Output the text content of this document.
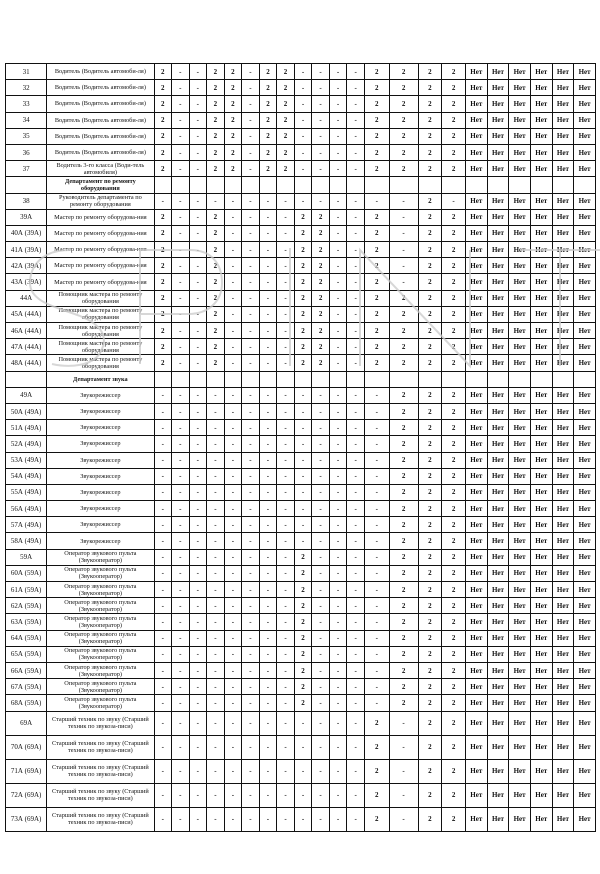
31	Водитель (Водитель автомоби-ля)	2	-	-	2	2	-	2	2	-	-	-	-	2	2	2	2	Нет	Нет	Нет	Нет	Нет	Нет
32	Водитель (Водитель автомоби-ля)	2	-	-	2	2	-	2	2	-	-	-	-	2	2	2	2	Нет	Нет	Нет	Нет	Нет	Нет
33	Водитель (Водитель автомоби-ля)	2	-	-	2	2	-	2	2	-	-	-	-	2	2	2	2	Нет	Нет	Нет	Нет	Нет	Нет
34	Водитель (Водитель автомоби-ля)	2	-	-	2	2	-	2	2	-	-	-	-	2	2	2	2	Нет	Нет	Нет	Нет	Нет	Нет
35	Водитель (Водитель автомоби-ля)	2	-	-	2	2	-	2	2	-	-	-	-	2	2	2	2	Нет	Нет	Нет	Нет	Нет	Нет
36	Водитель (Водитель автомоби-ля)	2	-	-	2	2	-	2	2	-	-	-	-	2	2	2	2	Нет	Нет	Нет	Нет	Нет	Нет
37	Водитель 3-го класса (Води-тель автомобиля)	2	-	-	2	2	-	2	2	-	-	-	-	2	2	2	2	Нет	Нет	Нет	Нет	Нет	Нет
	Департамент по ремонту оборудования																						
38	Руководитель департамента по ремонту оборудования	-	-	-	-	-	-	-	-	-	-	-	-	-	-	2	-	Нет	Нет	Нет	Нет	Нет	Нет
39А	Мастер по ремонту оборудова-ния	2	-	-	2	-	-	-	-	2	2	-	-	2	-	2	2	Нет	Нет	Нет	Нет	Нет	Нет
40А (39А)	Мастер по ремонту оборудова-ния	2	-	-	2	-	-	-	-	2	2	-	-	2	-	2	2	Нет	Нет	Нет	Нет	Нет	Нет
41А (39А)	Мастер по ремонту оборудова-ния	2	-	-	2	-	-	-	-	2	2	-	-	2	-	2	2	Нет	Нет	Нет	Нет	Нет	Нет
42А (39А)	Мастер по ремонту оборудова-ния	2	-	-	2	-	-	-	-	2	2	-	-	2	-	2	2	Нет	Нет	Нет	Нет	Нет	Нет
43А (39А)	Мастер по ремонту оборудова-ния	2	-	-	2	-	-	-	-	2	2	-	-	2	-	2	2	Нет	Нет	Нет	Нет	Нет	Нет
44А	Помощник мастера по ремонту оборудования	2	-	-	2	-	-	-	-	2	2	-	-	2	2	2	2	Нет	Нет	Нет	Нет	Нет	Нет
45А (44А)	Помощник мастера по ремонту оборудования	2	-	-	2	-	-	-	-	2	2	-	-	2	2	2	2	Нет	Нет	Нет	Нет	Нет	Нет
46А (44А)	Помощник мастера по ремонту оборудования	2	-	-	2	-	-	-	-	2	2	-	-	2	2	2	2	Нет	Нет	Нет	Нет	Нет	Нет
47А (44А)	Помощник мастера по ремонту оборудования	2	-	-	2	-	-	-	-	2	2	-	-	2	2	2	2	Нет	Нет	Нет	Нет	Нет	Нет
48А (44А)	Помощник мастера по ремонту оборудования	2	-	-	2	-	-	-	-	2	2	-	-	2	2	2	2	Нет	Нет	Нет	Нет	Нет	Нет
	Департамент звука																						
49А	Звукорежиссер	-	-	-	-	-	-	-	-	-	-	-	-	-	2	2	2	Нет	Нет	Нет	Нет	Нет	Нет
50А (49А)	Звукорежиссер	-	-	-	-	-	-	-	-	-	-	-	-	-	2	2	2	Нет	Нет	Нет	Нет	Нет	Нет
51А (49А)	Звукорежиссер	-	-	-	-	-	-	-	-	-	-	-	-	-	2	2	2	Нет	Нет	Нет	Нет	Нет	Нет
52А (49А)	Звукорежиссер	-	-	-	-	-	-	-	-	-	-	-	-	-	2	2	2	Нет	Нет	Нет	Нет	Нет	Нет
53А (49А)	Звукорежиссер	-	-	-	-	-	-	-	-	-	-	-	-	-	2	2	2	Нет	Нет	Нет	Нет	Нет	Нет
54А (49А)	Звукорежиссер	-	-	-	-	-	-	-	-	-	-	-	-	-	2	2	2	Нет	Нет	Нет	Нет	Нет	Нет
55А (49А)	Звукорежиссер	-	-	-	-	-	-	-	-	-	-	-	-	-	2	2	2	Нет	Нет	Нет	Нет	Нет	Нет
56А (49А)	Звукорежиссер	-	-	-	-	-	-	-	-	-	-	-	-	-	2	2	2	Нет	Нет	Нет	Нет	Нет	Нет
57А (49А)	Звукорежиссер	-	-	-	-	-	-	-	-	-	-	-	-	-	2	2	2	Нет	Нет	Нет	Нет	Нет	Нет
58А (49А)	Звукорежиссер	-	-	-	-	-	-	-	-	-	-	-	-	-	2	2	2	Нет	Нет	Нет	Нет	Нет	Нет
59А	Оператор звукового пульта (Звукооператор)	-	-	-	-	-	-	-	-	2	-	-	-	-	2	2	2	Нет	Нет	Нет	Нет	Нет	Нет
60А (59А)	Оператор звукового пульта (Звукооператор)	-	-	-	-	-	-	-	-	2	-	-	-	-	2	2	2	Нет	Нет	Нет	Нет	Нет	Нет
61А (59А)	Оператор звукового пульта (Звукооператор)	-	-	-	-	-	-	-	-	2	-	-	-	-	2	2	2	Нет	Нет	Нет	Нет	Нет	Нет
62А (59А)	Оператор звукового пульта (Звукооператор)	-	-	-	-	-	-	-	-	2	-	-	-	-	2	2	2	Нет	Нет	Нет	Нет	Нет	Нет
63А (59А)	Оператор звукового пульта (Звукооператор)	-	-	-	-	-	-	-	-	2	-	-	-	-	2	2	2	Нет	Нет	Нет	Нет	Нет	Нет
64А (59А)	Оператор звукового пульта (Звукооператор)	-	-	-	-	-	-	-	-	2	-	-	-	-	2	2	2	Нет	Нет	Нет	Нет	Нет	Нет
65А (59А)	Оператор звукового пульта (Звукооператор)	-	-	-	-	-	-	-	-	2	-	-	-	-	2	2	2	Нет	Нет	Нет	Нет	Нет	Нет
66А (59А)	Оператор звукового пульта (Звукооператор)	-	-	-	-	-	-	-	-	2	-	-	-	-	2	2	2	Нет	Нет	Нет	Нет	Нет	Нет
67А (59А)	Оператор звукового пульта (Звукооператор)	-	-	-	-	-	-	-	-	2	-	-	-	-	2	2	2	Нет	Нет	Нет	Нет	Нет	Нет
68А (59А)	Оператор звукового пульта (Звукооператор)	-	-	-	-	-	-	-	-	2	-	-	-	-	2	2	2	Нет	Нет	Нет	Нет	Нет	Нет
69А	Старший техник по звуку (Старший техник по звукоза-писи)	-	-	-	-	-	-	-	-	-	-	-	-	2	-	2	2	Нет	Нет	Нет	Нет	Нет	Нет
70А (69А)	Старший техник по звуку (Старший техник по звукоза-писи)	-	-	-	-	-	-	-	-	-	-	-	-	2	-	2	2	Нет	Нет	Нет	Нет	Нет	Нет
71А (69А)	Старший техник по звуку (Старший техник по звукоза-писи)	-	-	-	-	-	-	-	-	-	-	-	-	2	-	2	2	Нет	Нет	Нет	Нет	Нет	Нет
72А (69А)	Старший техник по звуку (Старший техник по звукоза-писи)	-	-	-	-	-	-	-	-	-	-	-	-	2	-	2	2	Нет	Нет	Нет	Нет	Нет	Нет
73А (69А)	Старший техник по звуку (Старший техник по звукоза-писи)	-	-	-	-	-	-	-	-	-	-	-	-	2	-	2	2	Нет	Нет	Нет	Нет	Нет	Нет
